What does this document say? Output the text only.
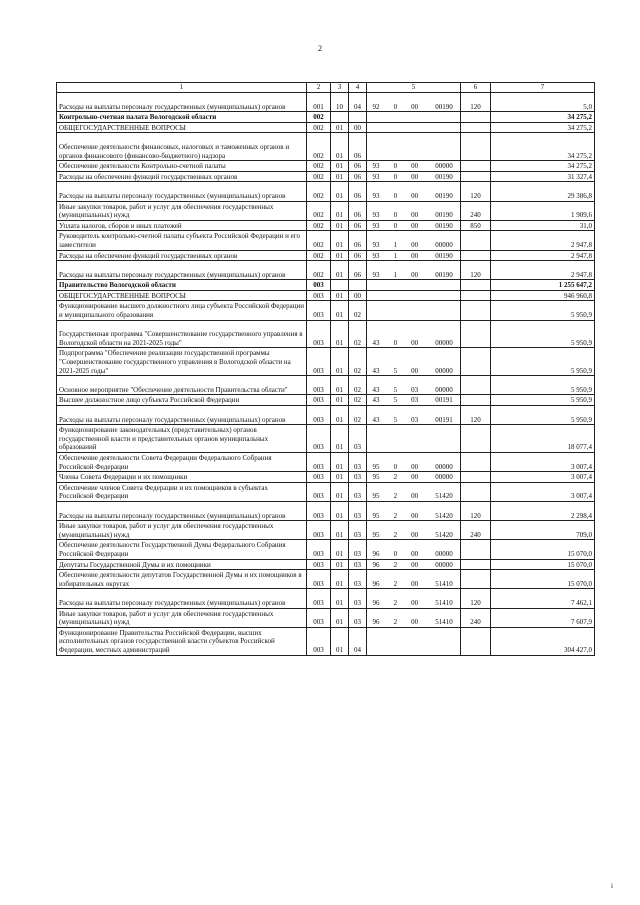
2
1	2	3	4	5	6	7
Расходы на выплаты персоналу государственных (муниципальных) органов	001	10	04	92 0 00 00190	120	5,0
Контрольно-счетная палата Вологодской области	002					34 275,2
ОБЩЕГОСУДАРСТВЕННЫЕ ВОПРОСЫ	002	01	00			34 275,2
Обеспечение деятельности финансовых, налоговых и таможенных органов и органов финансового (финансово-бюджетного) надзора	002	01	06			34 275,2
Обеспечение деятельности Контрольно-счетной палаты	002	01	06	93 0 00 00000		34 275,2
Расходы на обеспечение функций государственных органов	002	01	06	93 0 00 00190		31 327,4
Расходы на выплаты персоналу государственных (муниципальных) органов	002	01	06	93 0 00 00190	120	29 386,8
Иные закупки товаров, работ и услуг для обеспечения государственных (муниципальных) нужд	002	01	06	93 0 00 00190	240	1 909,6
Уплата налогов, сборов и иных платежей	002	01	06	93 0 00 00190	850	31,0
Руководитель контрольно-счетной палаты субъекта Российской Федерации и его заместители	002	01	06	93 1 00 00000		2 947,8
Расходы на обеспечение функций государственных органов	002	01	06	93 1 00 00190		2 947,8
Расходы на выплаты персоналу государственных (муниципальных) органов	002	01	06	93 1 00 00190	120	2 947,8
Правительство Вологодской области	003					1 255 647,2
ОБЩЕГОСУДАРСТВЕННЫЕ ВОПРОСЫ	003	01	00			946 960,8
Функционирование высшего должностного лица субъекта Российской Федерации и муниципального образования	003	01	02			5 950,9
Государственная программа "Совершенствование государственного управления в Вологодской области на 2021-2025 годы"	003	01	02	43 0 00 00000		5 950,9
Подпрограмма "Обеспечение реализации государственной программы "Совершенствование государственного управления в Вологодской области на 2021-2025 годы"	003	01	02	43 5 00 00000		5 950,9
Основное мероприятие "Обеспечение деятельности Правительства области"	003	01	02	43 5 03 00000		5 950,9
Высшее должностное лицо субъекта Российской Федерации	003	01	02	43 5 03 00191		5 950,9
Расходы на выплаты персоналу государственных (муниципальных) органов	003	01	02	43 5 03 00191	120	5 950,9
Функционирование законодательных (представительных) органов государственной власти и представительных органов муниципальных образований	003	01	03			18 077,4
Обеспечение деятельности Совета Федерации Федерального Собрания Российской Федерации	003	01	03	95 0 00 00000		3 007,4
Члены Совета Федерации и их помощники	003	01	03	95 2 00 00000		3 007,4
Обеспечение членов Совета Федерации и их помощников в субъектах Российской Федерации	003	01	03	95 2 00 51420		3 007,4
Расходы на выплаты персоналу государственных (муниципальных) органов	003	01	03	95 2 00 51420	120	2 298,4
Иные закупки товаров, работ и услуг для обеспечения государственных (муниципальных) нужд	003	01	03	95 2 00 51420	240	709,0
Обеспечение деятельности Государственной Думы Федерального Собрания Российской Федерации	003	01	03	96 0 00 00000		15 070,0
Депутаты Государственной Думы и их помощники	003	01	03	96 2 00 00000		15 070,0
Обеспечение деятельности депутатов Государственной Думы и их помощников в избирательных округах	003	01	03	96 2 00 51410		15 070,0
Расходы на выплаты персоналу государственных (муниципальных) органов	003	01	03	96 2 00 51410	120	7 462,1
Иные закупки товаров, работ и услуг для обеспечения государственных (муниципальных) нужд	003	01	03	96 2 00 51410	240	7 607,9
Функционирование Правительства Российской Федерации, высших исполнительных органов государственной власти субъектов Российской Федерации, местных администраций	003	01	04			304 427,0
i
